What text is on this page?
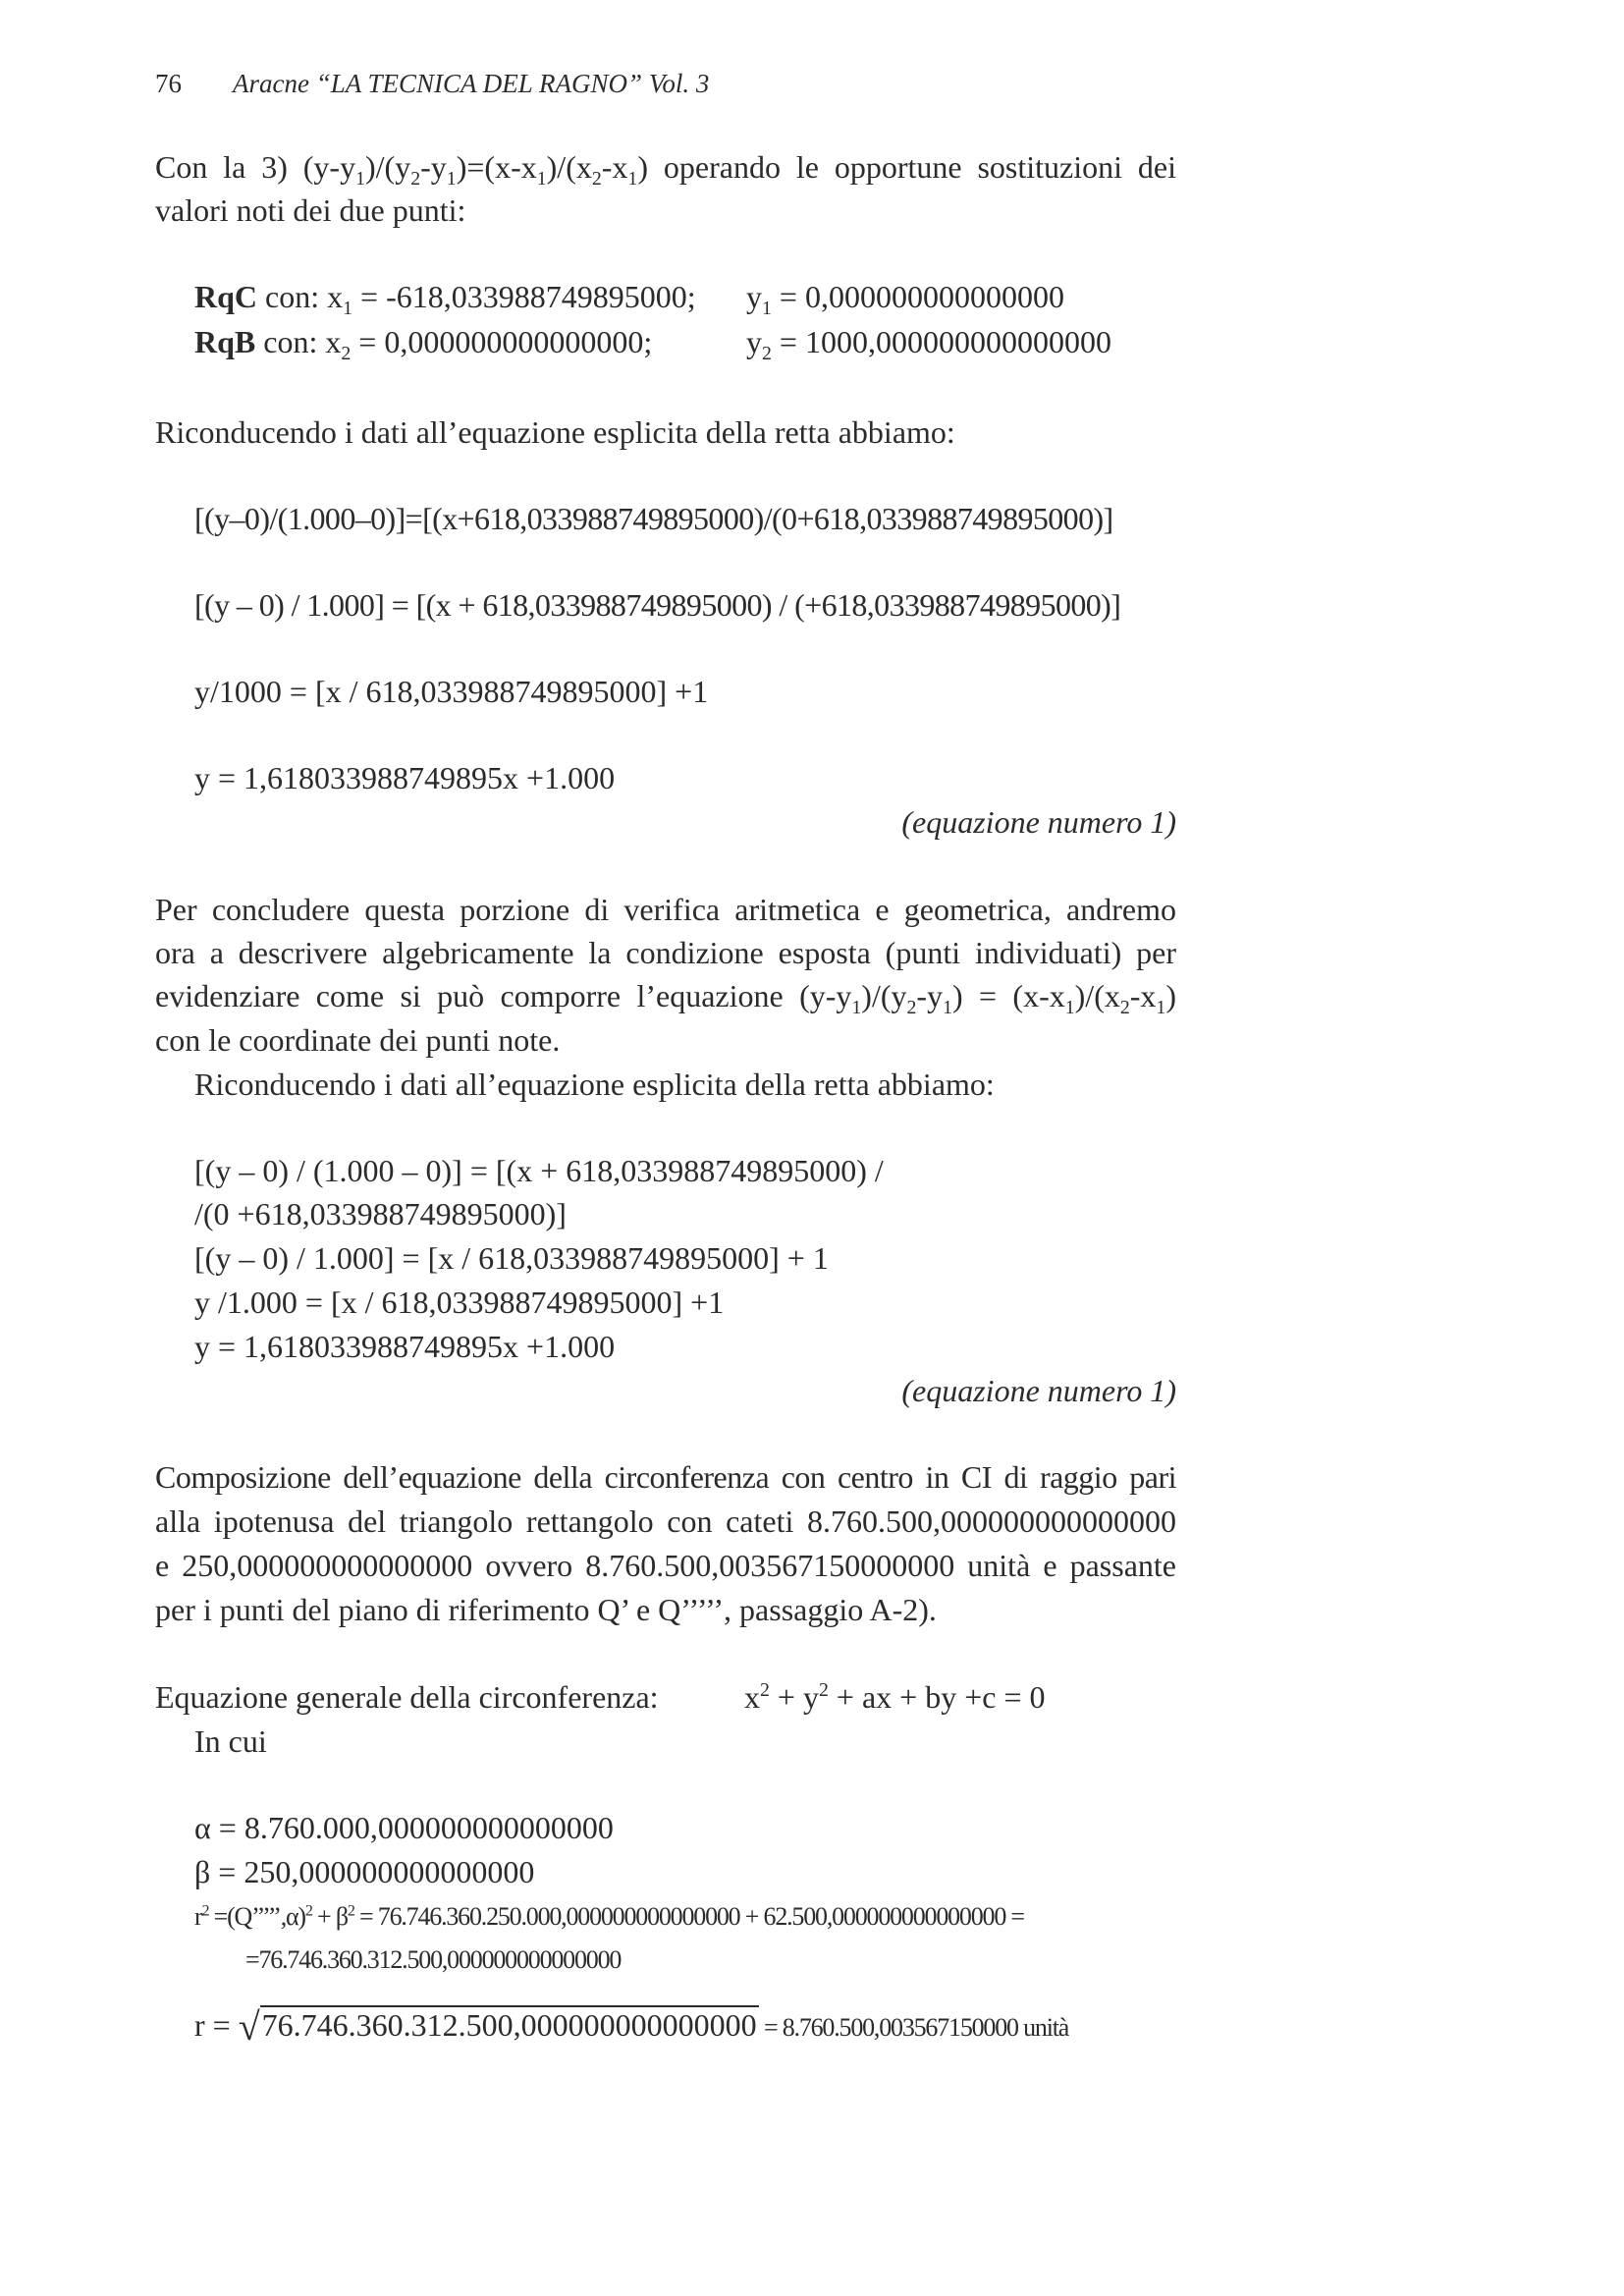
76 Aracne “LA TECNICA DEL RAGNO” Vol. 3
Con la 3) $(y-y_1)/(y_2-y_1)=(x-x_1)/(x_2-x_1)$ operando le opportune sostituzioni dei
valori noti dei due punti:
RqC con: $x_1 = -618,033988749895000$; $y_1 = 0,000000000000000$
RqB con: $x_2 = 0,000000000000000$;	$y_2 = 1000,000000000000000$
Riconducendo i dati all’equazione esplicita della retta abbiamo:
[(y–0)/(1.000–0)]=[(x+618,033988749895000)/(0+618,033988749895000)]
[(y – 0) / 1.000] = [(x + 618,033988749895000) / (+618,033988749895000)]
y/1000 = [x / 618,033988749895000] +1
y = 1,618033988749895x +1.000
(equazione numero 1)
Per concludere questa porzione di verifica aritmetica e geometrica, andremo
ora a descrivere algebricamente la condizione esposta (punti individuati) per
evidenziare come si può comporre l’equazione $(y-y_1)/(y_2-y_1) = (x-x_1)/(x_2-x_1)$
con le coordinate dei punti note.
Riconducendo i dati all’equazione esplicita della retta abbiamo:
[(y – 0) / (1.000 – 0)] = [(x + 618,033988749895000) /
/(0 +618,033988749895000)]
[(y – 0) / 1.000] = [x / 618,033988749895000] + 1
y /1.000 = [x / 618,033988749895000] +1
y = 1,618033988749895x +1.000
(equazione numero 1)
Composizione dell’equazione della circonferenza con centro in CI di raggio pari
alla ipotenusa del triangolo rettangolo con cateti 8.760.500,000000000000000
e 250,000000000000000 ovvero 8.760.500,003567150000000 unità e passante
per i punti del piano di riferimento Q’ e Q’’’’’, passaggio A-2).
Equazione generale della circonferenza:	$x^2 + y^2$ + ax + by +c = 0
In cui
α = 8.760.000,000000000000000
β = 250,000000000000000
$r^2$ =(Q’’’’’,α)$^2$ + $\beta^2 = 76.746.360.250.000,000000000000000 + 62.500,000000000000000$ =
=76.746.360.312.500,000000000000000
r = √76.746.360.312.500,000000000000000 = 8.760.500,003567150000 unità
